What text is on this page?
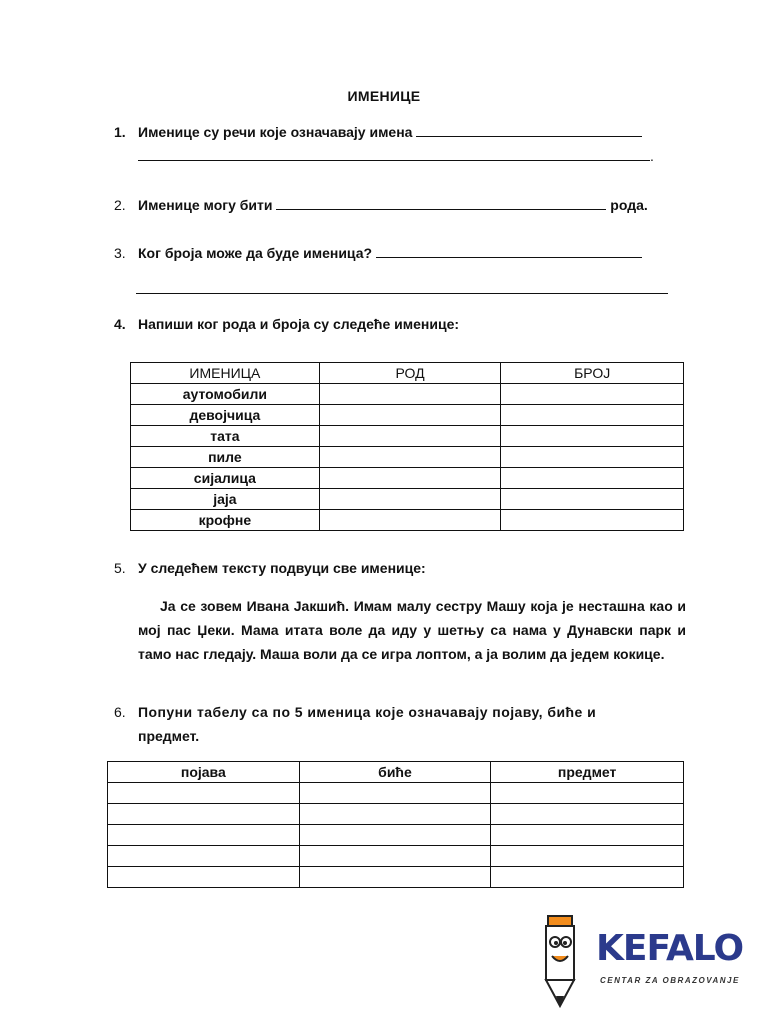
ИМЕНИЦЕ
1. Именице су речи које означавају имена
.
2. Именице могу бити	рода.
3. Ког броја може да буде именица?
4. Напиши ког рода и броја су следеће именице:
ИМЕНИЦА	РОД	БРОЈ
аутомобили		
девојчица		
тата		
пиле		
сијалица		
јаја		
крофне		
5. У следећем тексту подвуци све именице:

Ја се зовем Ивана Јакшић. Имам малу сестру Машу која је несташна као и мој пас Џеки. Мама итата воле да иду у шетњу са нама у Дунавски парк и тамо нас гледају. Маша воли да се игра лоптом, а ја волим да једем кокице.

6. Попуни табелу са по 5 именица које означавају појаву, биће и
предмет.
појава	биће	предмет

KEFALO
CENTAR ZA OBRAZOVANJE
